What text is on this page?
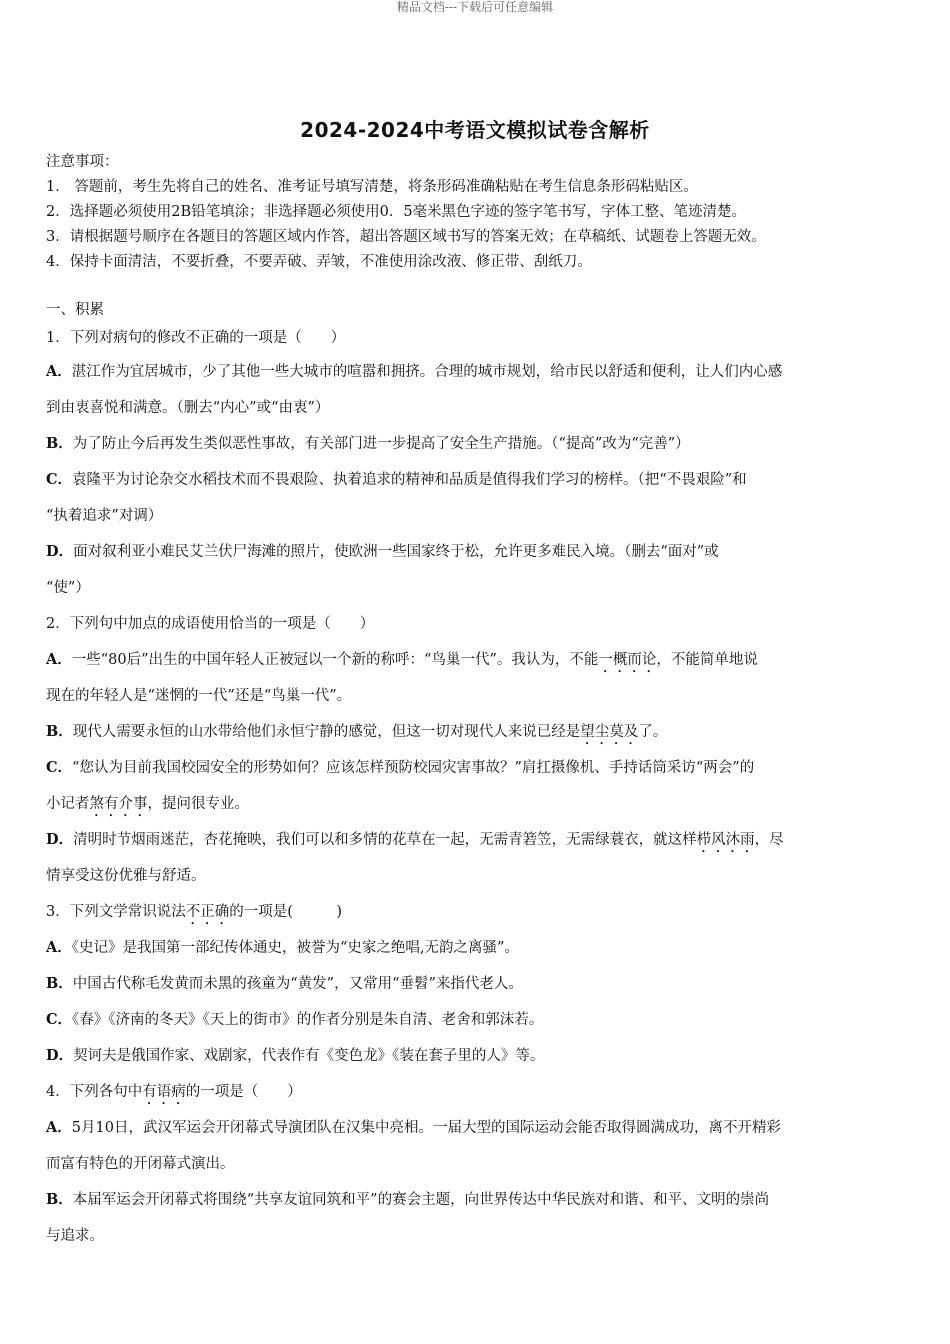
精品文档---下载后可任意编辑
2024-2024中考语文模拟试卷含解析
注意事项：
1． 答题前，考生先将自己的姓名、准考证号填写清楚，将条形码准确粘贴在考生信息条形码粘贴区。
2．选择题必须使用2B铅笔填涂；非选择题必须使用0．5毫米黑色字迹的签字笔书写，字体工整、笔迹清楚。
3．请根据题号顺序在各题目的答题区域内作答，超出答题区域书写的答案无效；在草稿纸、试题卷上答题无效。
4．保持卡面清洁，不要折叠，不要弄破、弄皱，不准使用涂改液、修正带、刮纸刀。
一、积累
1．下列对病句的修改不正确的一项是（　　）
A．湛江作为宜居城市，少了其他一些大城市的喧嚣和拥挤。合理的城市规划，给市民以舒适和便利，让人们内心感
到由衷喜悦和满意。（删去“内心”或“由衷”）
B．为了防止今后再发生类似恶性事故，有关部门进一步提高了安全生产措施。（“提高”改为“完善”）
C．袁隆平为讨论杂交水稻技术而不畏艰险、执着追求的精神和品质是值得我们学习的榜样。（把“不畏艰险”和
“执着追求”对调）
D．面对叙利亚小难民艾兰伏尸海滩的照片，使欧洲一些国家终于松，允许更多难民入境。（删去“面对”或
“使”）
2．下列句中加点的成语使用恰当的一项是（　　）
A．一些“80后”出生的中国年轻人正被冠以一个新的称呼：“鸟巢一代”。我认为，不能一概而论，不能简单地说
现在的年轻人是“迷惘的一代”还是“鸟巢一代”。
B．现代人需要永恒的山水带给他们永恒宁静的感觉，但这一切对现代人来说已经是望尘莫及了。
C．“您认为目前我国校园安全的形势如何？应该怎样预防校园灾害事故？”肩扛摄像机、手持话筒采访“两会”的
小记者煞有介事，提问很专业。
D．清明时节烟雨迷茫，杏花掩映，我们可以和多情的花草在一起，无需青箬笠，无需绿蓑衣，就这样栉风沐雨，尽
情享受这份优雅与舒适。
3．下列文学常识说法不正确的一项是(　　　)
A．《史记》是我国第一部纪传体通史，被誉为“史家之绝唱,无韵之离骚”。
B．中国古代称毛发黄而未黑的孩童为“黄发”，又常用“垂髫”来指代老人。
C．《春》《济南的冬天》《天上的街市》的作者分别是朱自清、老舍和郭沫若。
D．契诃夫是俄国作家、戏剧家，代表作有《变色龙》《装在套子里的人》等。
4．下列各句中有语病的一项是（　　）
A．5月10日，武汉军运会开闭幕式导演团队在汉集中亮相。一届大型的国际运动会能否取得圆满成功，离不开精彩
而富有特色的开闭幕式演出。
B．本届军运会开闭幕式将围绕“共享友谊同筑和平”的赛会主题，向世界传达中华民族对和谐、和平、文明的崇尚
与追求。
